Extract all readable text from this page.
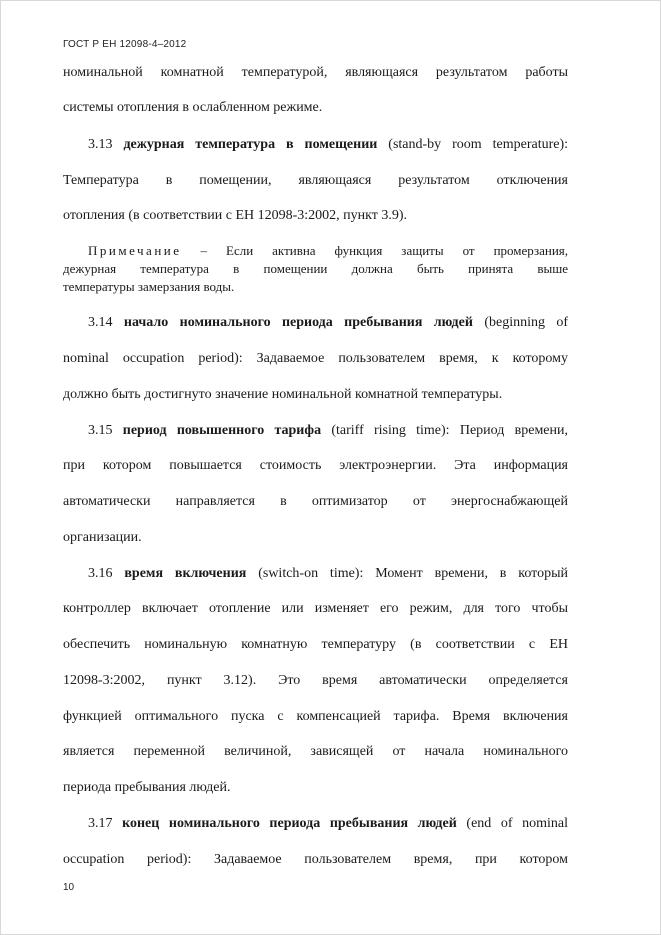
ГОСТ Р ЕН 12098-4–2012
номинальной комнатной температурой, являющаяся результатом работы
системы отопления в ослабленном режиме.
3.13 дежурная температура в помещении (stand-by room temperature):
Температура в помещении, являющаяся результатом отключения
отопления (в соответствии с ЕН 12098-3:2002, пункт 3.9).
Примечание – Если активна функция защиты от промерзания,
дежурная температура в помещении должна быть принята выше
температуры замерзания воды.
3.14 начало номинального периода пребывания людей (beginning of
nominal occupation period): Задаваемое пользователем время, к которому
должно быть достигнуто значение номинальной комнатной температуры.
3.15 период повышенного тарифа (tariff rising time): Период времени,
при котором повышается стоимость электроэнергии. Эта информация
автоматически направляется в оптимизатор от энергоснабжающей
организации.
3.16 время включения (switch-on time): Момент времени, в который
контроллер включает отопление или изменяет его режим, для того чтобы
обеспечить номинальную комнатную температуру (в соответствии с ЕН
12098-3:2002, пункт 3.12). Это время автоматически определяется
функцией оптимального пуска с компенсацией тарифа. Время включения
является переменной величиной, зависящей от начала номинального
периода пребывания людей.
3.17 конец номинального периода пребывания людей (end of nominal
occupation period): Задаваемое пользователем время, при котором
10
